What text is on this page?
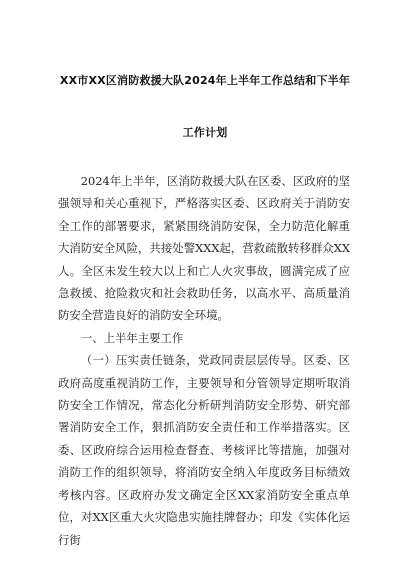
XX市XX区消防救援大队2024年上半年工作总结和下半年
工作计划

2024年上半年，区消防救援大队在区委、区政府的坚强领导和关心重视下，严格落实区委、区政府关于消防安全工作的部署要求，紧紧围绕消防安保，全力防范化解重大消防安全风险，共接处警XXX起，营救疏散转移群众XX人。全区未发生较大以上和亡人火灾事故，圆满完成了应急救援、抢险救灾和社会救助任务，以高水平、高质量消防安全营造良好的消防安全环境。

一、上半年主要工作

（一）压实责任链条，党政同责层层传导。区委、区政府高度重视消防工作，主要领导和分管领导定期听取消防安全工作情况，常态化分析研判消防安全形势、研究部署消防安全工作，狠抓消防安全责任和工作举措落实。区委、区政府综合运用检查督查、考核评比等措施，加强对消防工作的组织领导，将消防安全纳入年度政务目标绩效考核内容。区政府办发文确定全区XX家消防安全重点单位，对XX区重大火灾隐患实施挂牌督办；印发《实体化运行街
